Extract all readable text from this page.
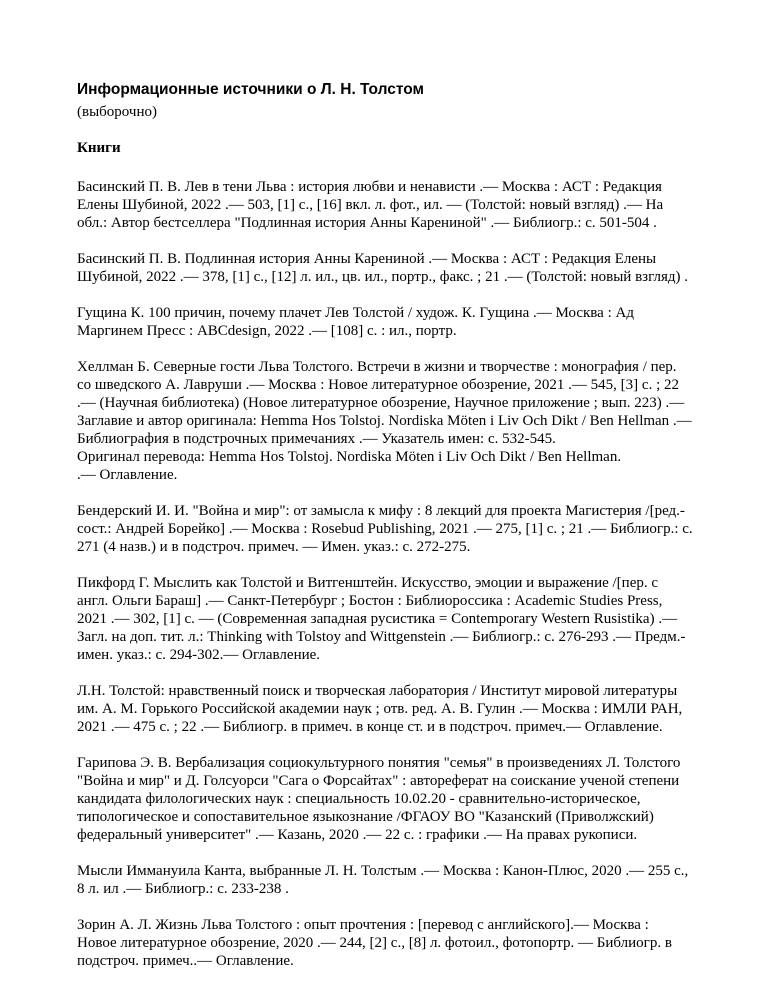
Информационные источники о Л. Н. Толстом

(выборочно)

Книги
Басинский П. В. Лев в тени Льва : история любви и ненависти .— Москва : АСТ : Редакция
Елены Шубиной, 2022 .— 503, [1] с., [16] вкл. л. фот., ил. — (Толстой: новый взгляд) .— На
обл.: Автор бестселлера "Подлинная история Анны Карениной" .— Библиогр.: с. 501-504 .
Басинский П. В. Подлинная история Анны Карениной .— Москва : АСТ : Редакция Елены
Шубиной, 2022 .— 378, [1] с., [12] л. ил., цв. ил., портр., факс. ; 21 .— (Толстой: новый взгляд) .
Гущина К. 100 причин, почему плачет Лев Толстой / худож. К. Гущина .— Москва : Ад
Маргинем Пресс : ABCdesign, 2022 .— [108] с. : ил., портр.
Хеллман Б. Северные гости Льва Толстого. Встречи в жизни и творчестве : монография / пер.
со шведского А. Лавруши .— Москва : Новое литературное обозрение, 2021 .— 545, [3] с. ; 22
.— (Научная библиотека) (Новое литературное обозрение, Научное приложение ; вып. 223) .—
Заглавие и автор оригинала: Hemma Hos Tolstoj. Nordiska Möten i Liv Och Dikt / Ben Hellman .—
Библиография в подстрочных примечаниях .— Указатель имен: с. 532-545.
Оригинал перевода: Hemma Hos Tolstoj. Nordiska Möten i Liv Och Dikt / Ben Hellman.
.— Оглавление.
Бендерский И. И. "Война и мир": от замысла к мифу : 8 лекций для проекта Магистерия /[ред.-
сост.: Андрей Борейко] .— Москва : Rosebud Publishing, 2021 .— 275, [1] с. ; 21 .— Библиогр.: с.
271 (4 назв.) и в подстроч. примеч. — Имен. указ.: с. 272-275.
Пикфорд Г. Мыслить как Толстой и Витгенштейн. Искусство, эмоции и выражение /[пер. с
англ. Ольги Бараш] .— Санкт-Петербург ; Бостон : Библиороссика : Academic Studies Press,
2021 .— 302, [1] с. — (Современная западная русистика = Contemporary Western Rusistika) .—
Загл. на доп. тит. л.: Thinking with Tolstoy and Wittgenstein .— Библиогр.: с. 276-293 .— Предм.-
имен. указ.: с. 294-302.— Оглавление.
Л.Н. Толстой: нравственный поиск и творческая лаборатория / Институт мировой литературы
им. А. М. Горького Российской академии наук ; отв. ред. А. В. Гулин .— Москва : ИМЛИ РАН,
2021 .— 475 с. ; 22 .— Библиогр. в примеч. в конце ст. и в подстроч. примеч.— Оглавление.
Гарипова Э. В. Вербализация социокультурного понятия "семья" в произведениях Л. Толстого
"Война и мир" и Д. Голсуорси "Сага о Форсайтах" : автореферат на соискание ученой степени
кандидата филологических наук : специальность 10.02.20 - сравнительно-историческое,
типологическое и сопоставительное языкознание /ФГАОУ ВО "Казанский (Приволжский)
федеральный университет" .— Казань, 2020 .— 22 с. : графики .— На правах рукописи.
Мысли Иммануила Канта, выбранные Л. Н. Толстым .— Москва : Канон-Плюс, 2020 .— 255 с.,
8 л. ил .— Библиогр.: с. 233-238 .
Зорин А. Л. Жизнь Льва Толстого : опыт прочтения : [перевод с английского].— Москва :
Новое литературное обозрение, 2020 .— 244, [2] с., [8] л. фотоил., фотопортр. — Библиогр. в
подстроч. примеч..— Оглавление.
